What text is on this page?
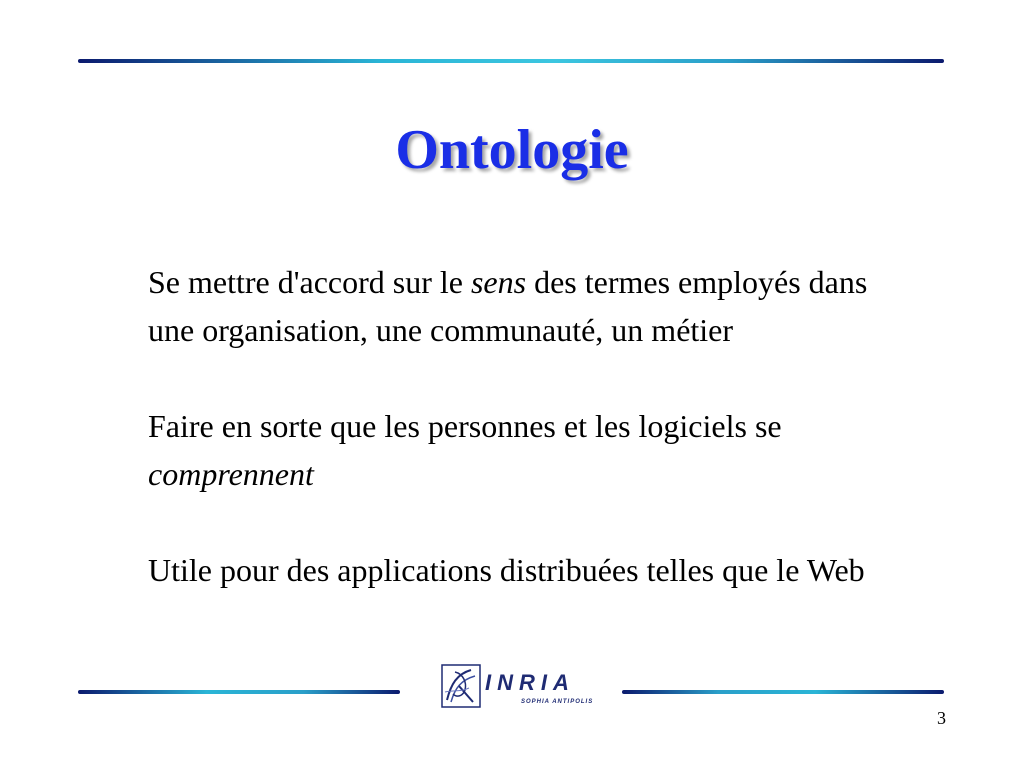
Ontologie

Se mettre d'accord sur le sens des termes employés dans une organisation, une communauté, un métier

Faire en sorte que les personnes et les logiciels se comprennent

Utile pour des applications distribuées telles que le Web

INRIA
SOPHIA ANTIPOLIS
3
